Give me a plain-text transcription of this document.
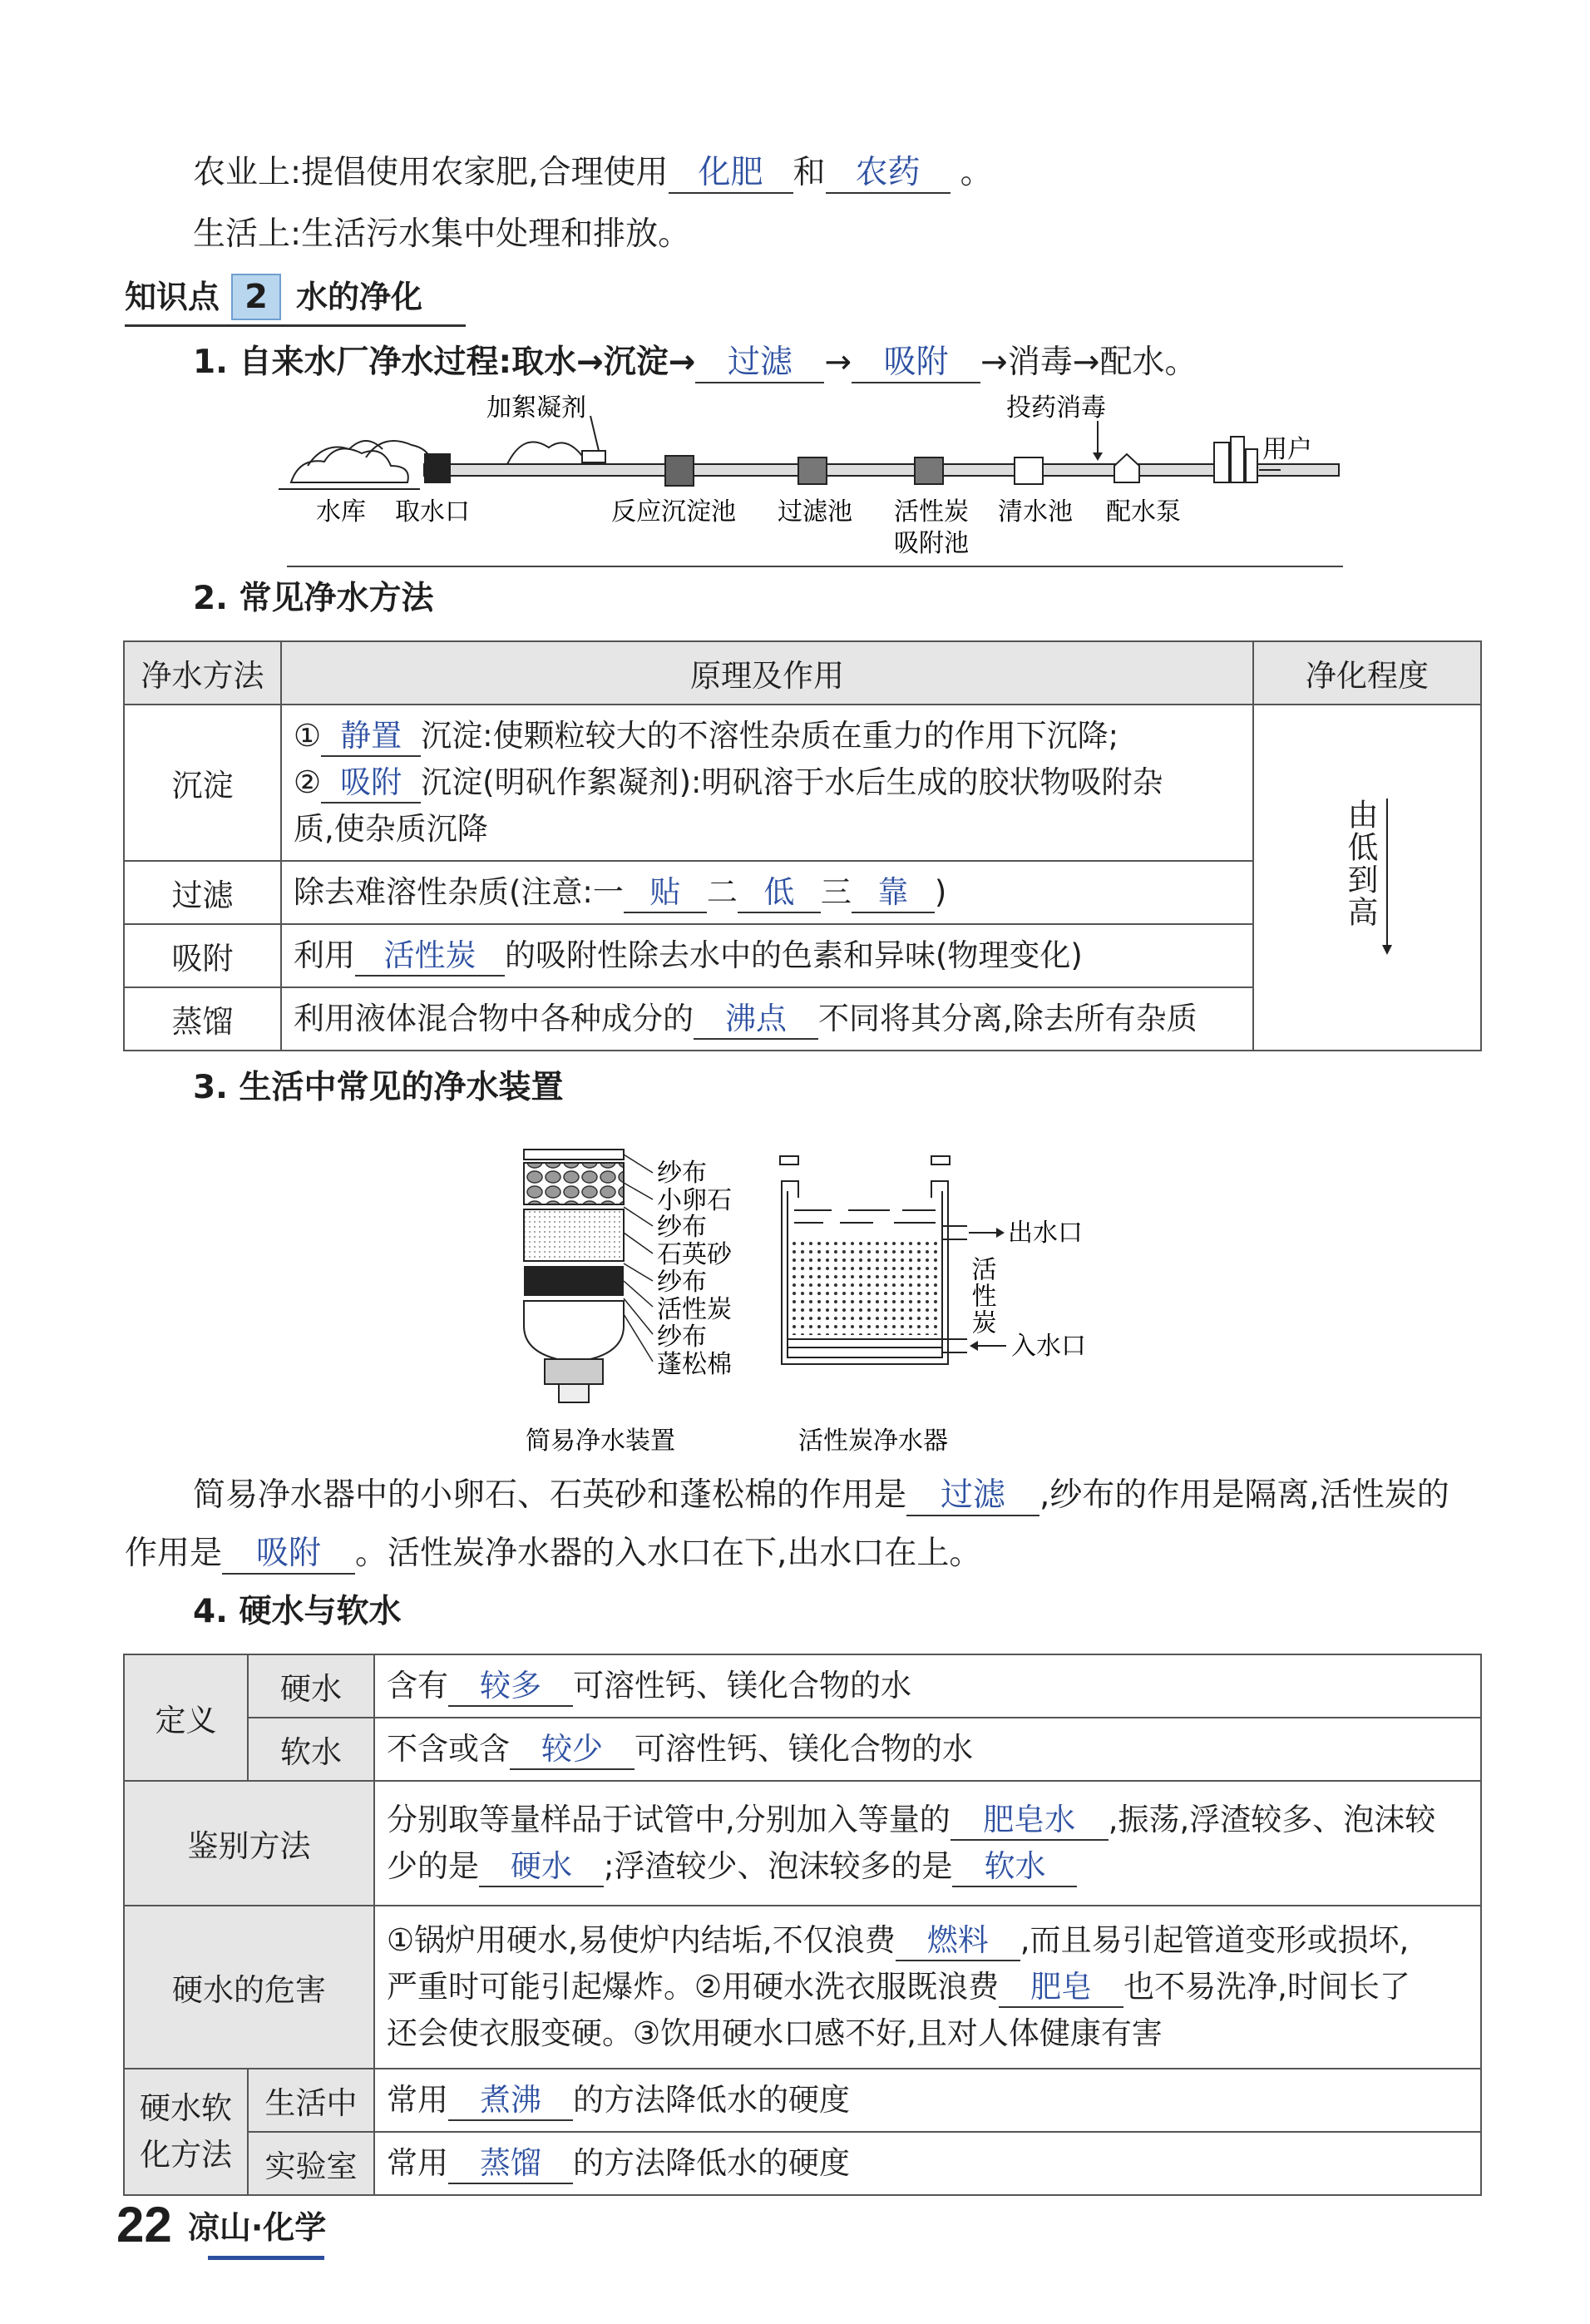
农业上:提倡使用农家肥,合理使用 化肥 和 农药 。
生活上:生活污水集中处理和排放。
知识点 2 水的净化
1. 自来水厂净水过程:取水→沉淀→ 过滤 → 吸附 →消毒→配水。
加絮凝剂	投药消毒
用户
水库 取水口	反应沉淀池 过滤池 活性炭
吸附池
清水池 配水泵
2. 常见净水方法
净水方法	原理及作用	净化程度
沉淀	① 静置 沉淀:使颗粒较大的不溶性杂质在重力的作用下沉降;
② 吸附 沉淀(明矾作絮凝剂):明矾溶于水后生成的胶状物吸附杂
质,使杂质沉降	由低到高

过滤	除去难溶性杂质(注意:一 贴 二 低 三 靠 )	
吸附	利用 活性炭 的吸附性除去水中的色素和异味(物理变化)	
蒸馏	利用液体混合物中各种成分的 沸点 不同将其分离,除去所有杂质	
3. 生活中常见的净水装置
纱布
小卵石
纱布
石英砂
纱布
活性炭
纱布
蓬松棉
出水口
入水口
活性炭
简易净水装置	活性炭净水器
简易净水器中的小卵石、石英砂和蓬松棉的作用是 过滤 ,纱布的作用是隔离,活性炭的
作用是 吸附 。活性炭净水器的入水口在下,出水口在上。
4. 硬水与软水
定义	硬水	含有 较多 可溶性钙、镁化合物的水
	软水	不含或含 较少 可溶性钙、镁化合物的水
鉴别方法		分别取等量样品于试管中,分别加入等量的 肥皂水 ,振荡,浮渣较多、泡沫较
少的是 硬水 ;浮渣较少、泡沫较多的是 软水

硬水的危害		①锅炉用硬水,易使炉内结垢,不仅浪费 燃料 ,而且易引起管道变形或损坏,
严重时可能引起爆炸。②用硬水洗衣服既浪费 肥皂 也不易洗净,时间长了
还会使衣服变硬。③饮用硬水口感不好,且对人体健康有害

硬水软
化方法	生活中	常用 煮沸 的方法降低水的硬度
	实验室	常用 蒸馏 的方法降低水的硬度
22 凉山·化学
